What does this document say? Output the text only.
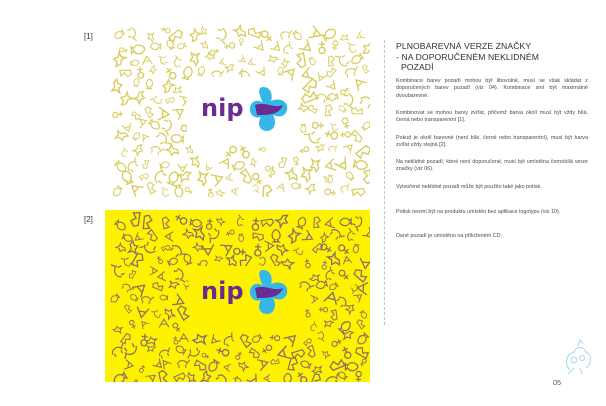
[1]
[2]
nip
nip
PLNOBAREVNÁ VERZE ZNAČKY
- NA DOPORUČENÉM NEKLIDNÉM
POZADÍ

Kombinace barev pozadí mohou být libovolné, musí se však skládat z doporučených barev pozadí (viz 04). Kombinace smí být maximálně dvoubarevné.

Kombinovat se mohou barvy zvířat, přičemž barva okolí musí být vždy bílá, černá nebo transparentní [1].

Pokud je okolí barevné (není bílé, černé nebo transparentní), musí být barva zvířat vždy stejná [2].

Na neklidné pozadí, které není doporučené, musí být umístěna černobílá verze značky (viz 06).

Vytvořené neklidné pozadí může být použito také jako potisk.

Potisk nesmí být na produktu umístěn bez aplikace logotypu (viz 10).

Dané pozadí je umístěno na přiloženém CD.

05
